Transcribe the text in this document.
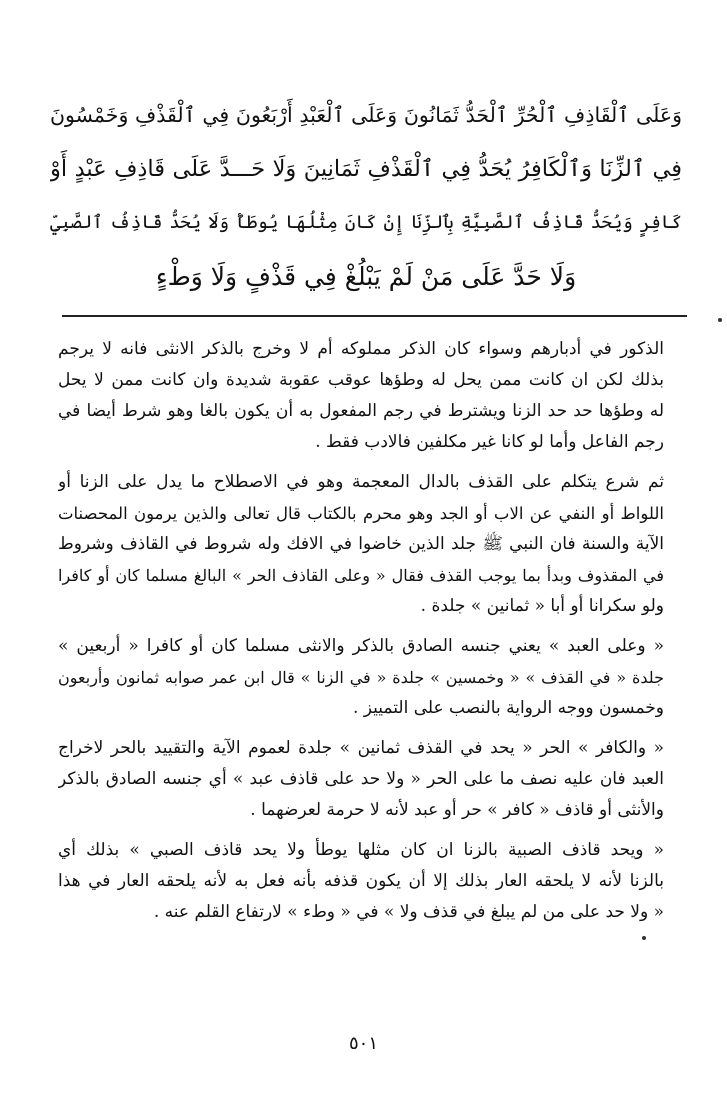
وَعَلَى ٱلْقَاذِفِ ٱلْحُرِّ ٱلْحَدُّ ثَمَانُونَ وَعَلَى ٱلْعَبْدِ أَرْبَعُونَ فِي ٱلْقَذْفِ وَخَمْسُونَ
فِي ٱلزِّنَا وَٱلْكَافِرُ يُحَدُّ فِي ٱلْقَذْفِ ثَمَانِينَ وَلَا حَـــدَّ عَلَى قَاذِفِ عَبْدٍ أَوْ
كَافِرٍ وَيُحَدُّ قَاذِفُ ٱلصَّبِيَّةِ بِٱلزِّنَا إِنْ كَانَ مِثْلُهَا يُوطَأُ وَلَا يُحَدُّ قَاذِفُ ٱلصَّبِيِّ
وَلَا حَدَّ عَلَى مَنْ لَمْ يَبْلُغْ فِي قَذْفٍ وَلَا وَطْءٍ
الذكور في أدبارهم وسواء كان الذكر مملوكه أم لا وخرج بالذكر الانثى فانه لا يرجم
بذلك لكن ان كانت ممن يحل له وطؤها عوقب عقوبة شديدة وان كانت ممن لا يحل
له وطؤها حد حد الزنا ويشترط في رجم المفعول به أن يكون بالغا وهو شرط أيضا في
رجم الفاعل وأما لو كانا غير مكلفين فالادب فقط .
ثم شرع يتكلم على القذف بالدال المعجمة وهو في الاصطلاح ما يدل على الزنا أو
اللواط أو النفي عن الاب أو الجد وهو محرم بالكتاب قال تعالى والذين يرمون المحصنات
الآية والسنة فان النبي ﷺ جلد الذين خاضوا في الافك وله شروط في القاذف وشروط
في المقذوف وبدأ بما يوجب القذف فقال « وعلى القاذف الحر » البالغ مسلما كان أو كافرا
ولو سكرانا أو أبا « ثمانين » جلدة .
« وعلى العبد » يعني جنسه الصادق بالذكر والانثى مسلما كان أو كافرا « أربعين »
جلدة « في القذف » « وخمسين » جلدة « في الزنا » قال ابن عمر صوابه ثمانون وأربعون
وخمسون ووجه الرواية بالنصب على التمييز .
« والكافر » الحر « يحد في القذف ثمانين » جلدة لعموم الآية والتقييد بالحر لاخراج
العبد فان عليه نصف ما على الحر « ولا حد على قاذف عبد » أي جنسه الصادق بالذكر
والأنثى أو قاذف « كافر » حر أو عبد لأنه لا حرمة لعرضهما .
« ويحد قاذف الصبية بالزنا ان كان مثلها يوطأ ولا يحد قاذف الصبي » بذلك أي
بالزنا لأنه لا يلحقه العار بذلك إلا أن يكون قذفه بأنه فعل به لأنه يلحقه العار في هذا
« ولا حد على من لم يبلغ في قذف ولا » في « وطء » لارتفاع القلم عنه .
٥٠١
